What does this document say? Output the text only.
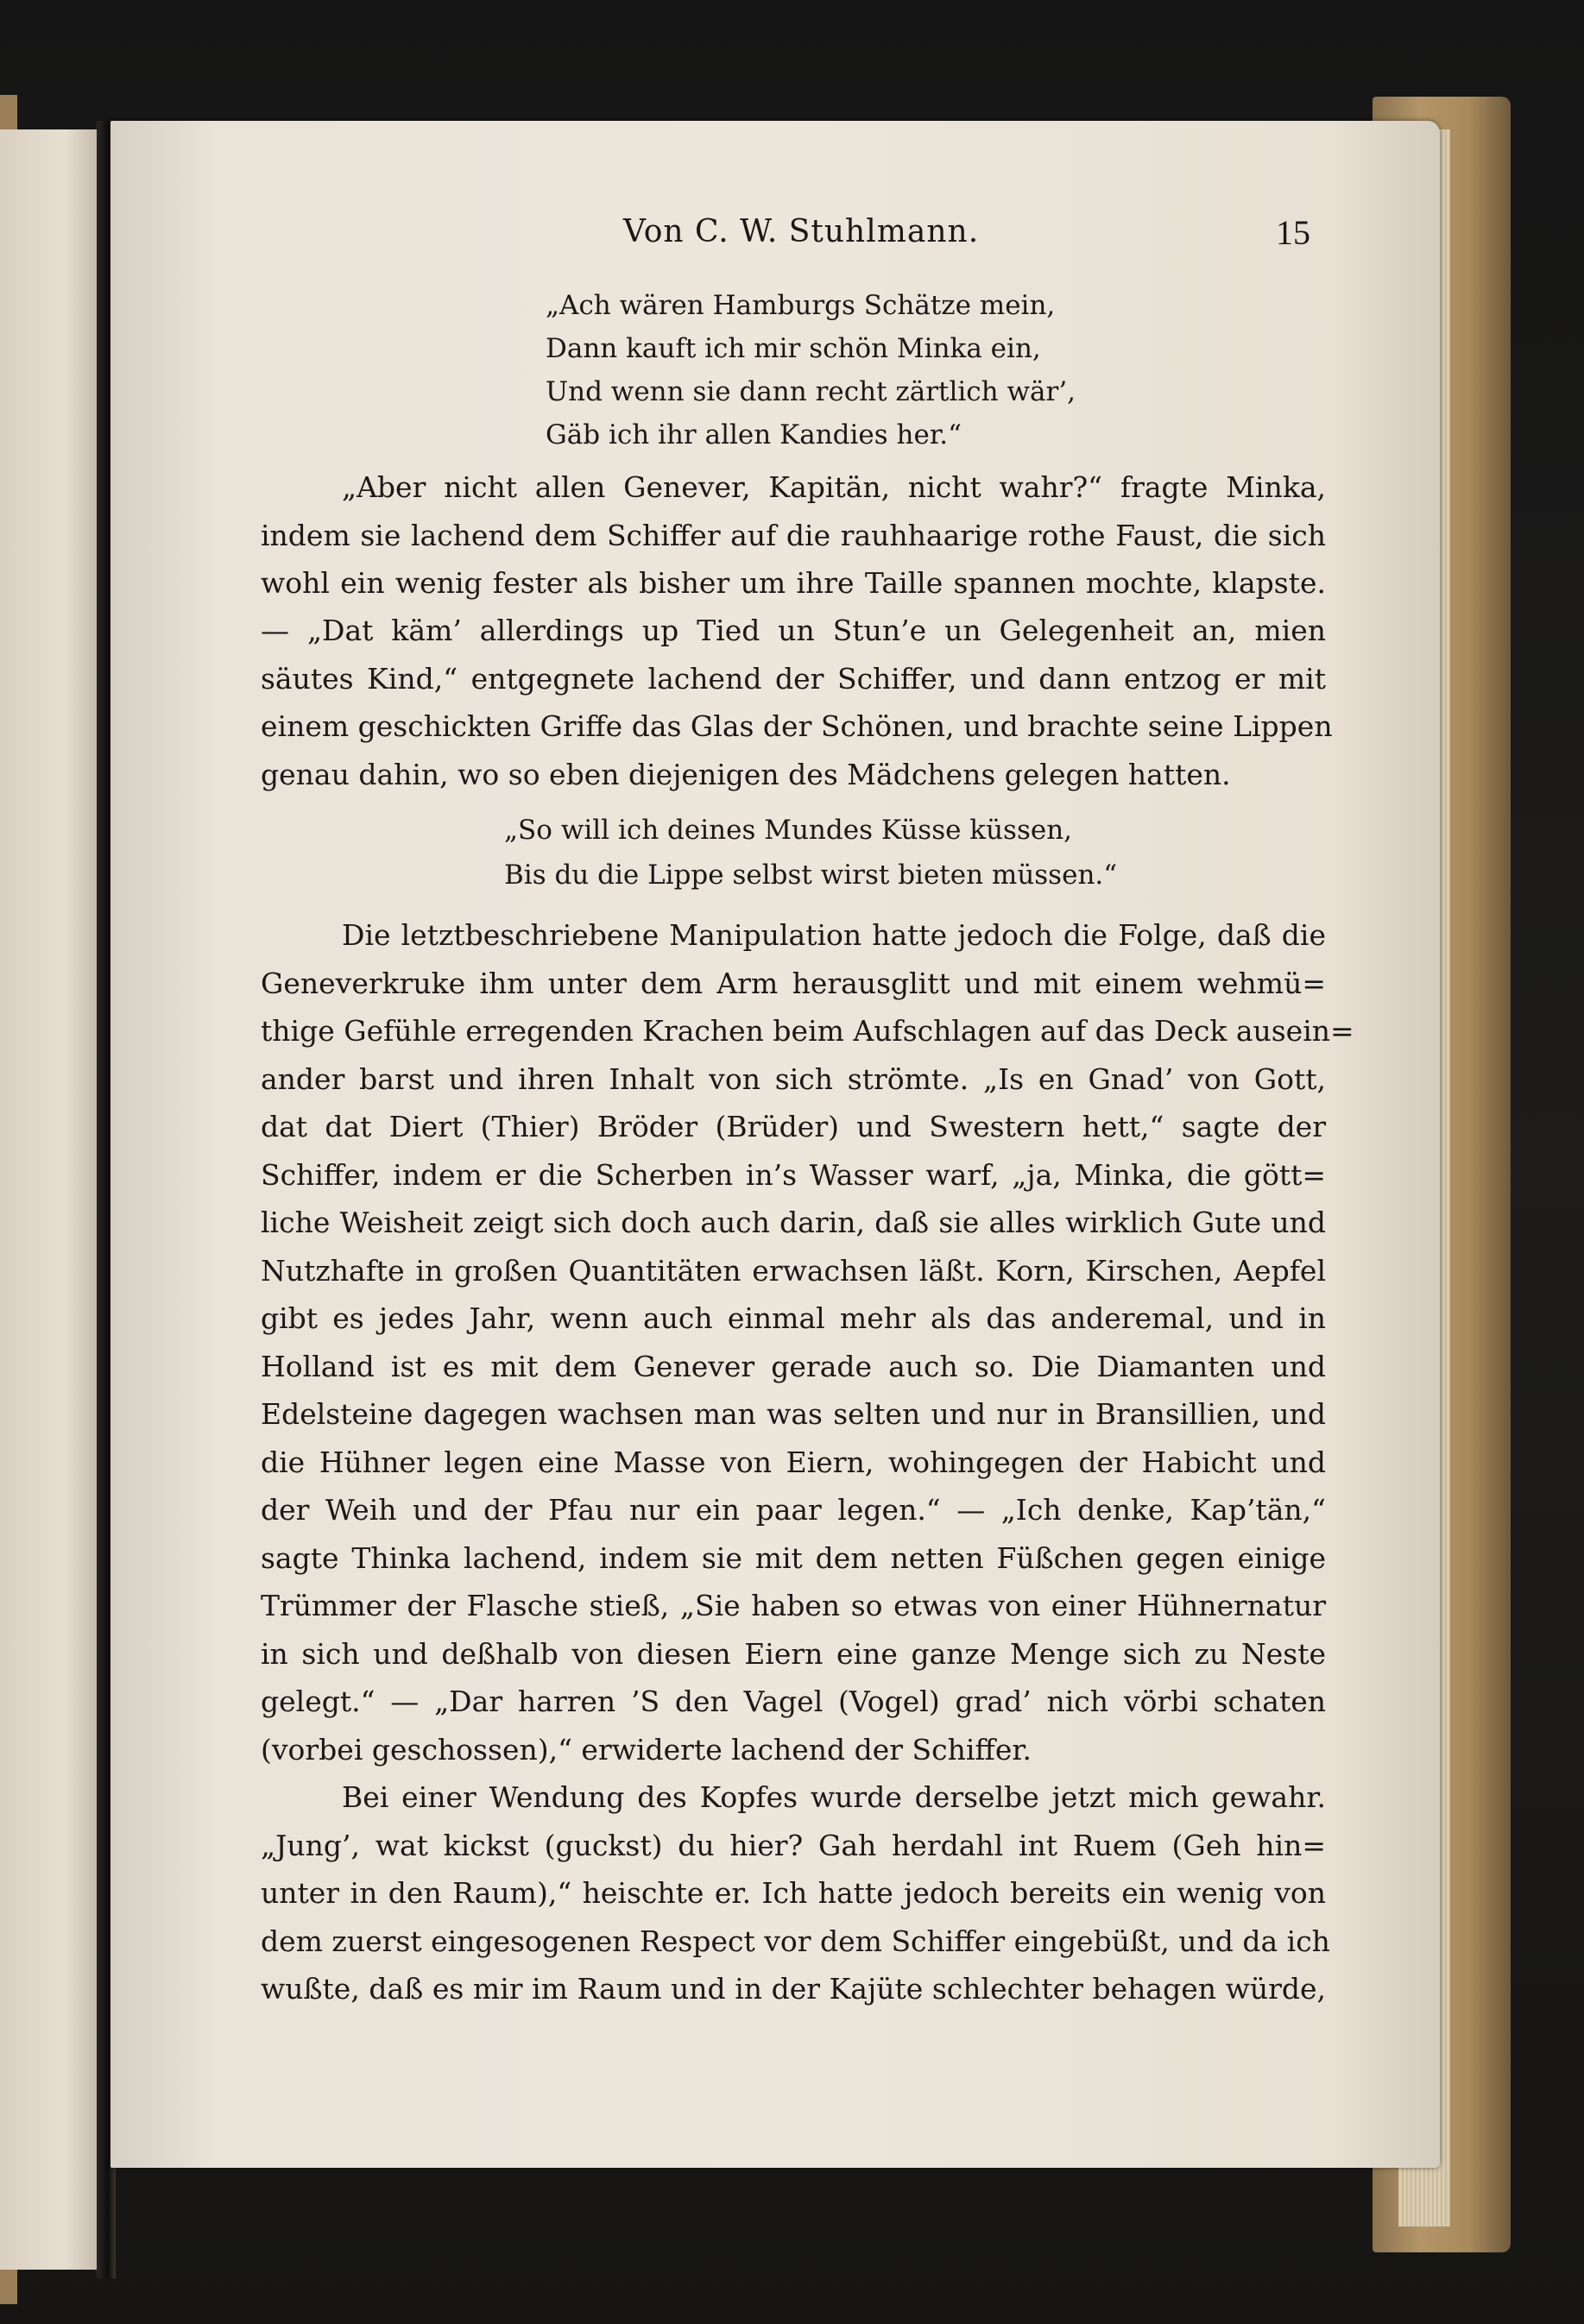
Von C. W. Stuhlmann.	15
„Ach wären Hamburgs Schätze mein,
Dann kauft ich mir schön Minka ein,
Und wenn sie dann recht zärtlich wär’,
Gäb ich ihr allen Kandies her.“
„Aber nicht allen Genever, Kapitän, nicht wahr?“ fragte Minka,
indem sie lachend dem Schiffer auf die rauhhaarige rothe Faust, die sich
wohl ein wenig fester als bisher um ihre Taille spannen mochte, klapste.
— „Dat käm’ allerdings up Tied un Stun’e un Gelegenheit an, mien
säutes Kind,“ entgegnete lachend der Schiffer, und dann entzog er mit
einem geschickten Griffe das Glas der Schönen, und brachte seine Lippen
genau dahin, wo so eben diejenigen des Mädchens gelegen hatten.
„So will ich deines Mundes Küsse küssen,
Bis du die Lippe selbst wirst bieten müssen.“
Die letztbeschriebene Manipulation hatte jedoch die Folge, daß die
Geneverkruke ihm unter dem Arm herausglitt und mit einem wehmü=
thige Gefühle erregenden Krachen beim Aufschlagen auf das Deck ausein=
ander barst und ihren Inhalt von sich strömte. „Is en Gnad’ von Gott,
dat dat Diert (Thier) Bröder (Brüder) und Swestern hett,“ sagte der
Schiffer, indem er die Scherben in’s Wasser warf, „ja, Minka, die gött=
liche Weisheit zeigt sich doch auch darin, daß sie alles wirklich Gute und
Nutzhafte in großen Quantitäten erwachsen läßt. Korn, Kirschen, Aepfel
gibt es jedes Jahr, wenn auch einmal mehr als das anderemal, und in
Holland ist es mit dem Genever gerade auch so. Die Diamanten und
Edelsteine dagegen wachsen man was selten und nur in Bransillien, und
die Hühner legen eine Masse von Eiern, wohingegen der Habicht und
der Weih und der Pfau nur ein paar legen.“ — „Ich denke, Kap’tän,“
sagte Thinka lachend, indem sie mit dem netten Füßchen gegen einige
Trümmer der Flasche stieß, „Sie haben so etwas von einer Hühnernatur
in sich und deßhalb von diesen Eiern eine ganze Menge sich zu Neste
gelegt.“ — „Dar harren ’S den Vagel (Vogel) grad’ nich vörbi schaten
(vorbei geschossen),“ erwiderte lachend der Schiffer.
Bei einer Wendung des Kopfes wurde derselbe jetzt mich gewahr.
„Jung’, wat kickst (guckst) du hier? Gah herdahl int Ruem (Geh hin=
unter in den Raum),“ heischte er. Ich hatte jedoch bereits ein wenig von
dem zuerst eingesogenen Respect vor dem Schiffer eingebüßt, und da ich
wußte, daß es mir im Raum und in der Kajüte schlechter behagen würde,
